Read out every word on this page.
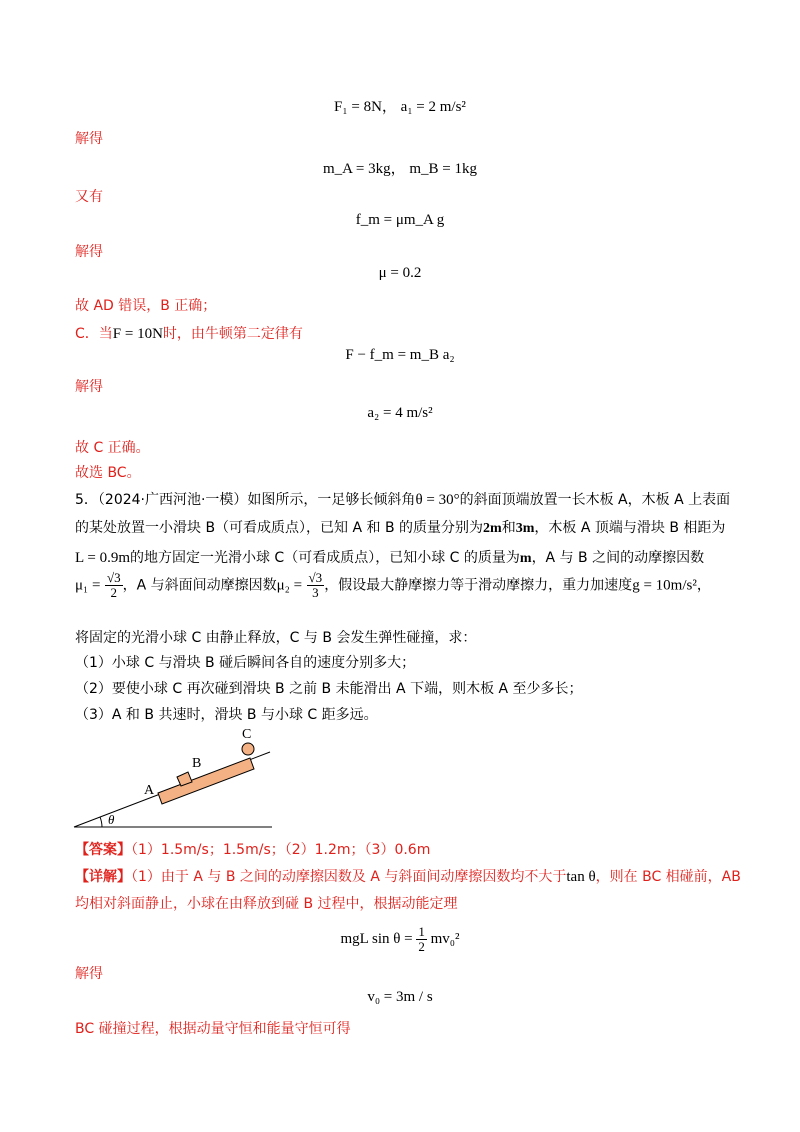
F₁ = 8N， a₁ = 2 m/s²
解得
m_A = 3kg， m_B = 1kg
又有
f_m = μm_A g
解得
μ = 0.2
故 AD 错误，B 正确；
C．当F = 10N时，由牛顿第二定律有
F − f_m = m_B a₂
解得
a₂ = 4 m/s²
故 C 正确。
故选 BC。
5．（2024·广西河池·一模）如图所示，一足够长倾斜角θ = 30°的斜面顶端放置一长木板 A，木板 A 上表面
的某处放置一小滑块 B（可看成质点），已知 A 和 B 的质量分别为2m和3m，木板 A 顶端与滑块 B 相距为
L = 0.9m的地方固定一光滑小球 C（可看成质点），已知小球 C 的质量为m，A 与 B 之间的动摩擦因数
$\mu_1 = \frac{√3}{2}$ ，A 与斜面间动摩擦因数$\mu_2 = \frac{√3}{3}$ ，假设最大静摩擦力等于滑动摩擦力，重力加速度g = 10m/s²，
将固定的光滑小球 C 由静止释放，C 与 B 会发生弹性碰撞，求：
（1）小球 C 与滑块 B 碰后瞬间各自的速度分别多大；
（2）要使小球 C 再次碰到滑块 B 之前 B 未能滑出 A 下端，则木板 A 至少多长；
（3）A 和 B 共速时，滑块 B 与小球 C 距多远。
A
B
C
θ
【答案】（1）1.5m/s；1.5m/s；（2）1.2m；（3）0.6m
【详解】（1）由于 A 与 B 之间的动摩擦因数及 A 与斜面间动摩擦因数均不大于tan θ，则在 BC 相碰前，AB
均相对斜面静止，小球在由释放到碰 B 过程中，根据动能定理
mgL $\sin \theta = \frac{1}{2} mv_0^2$
解得
v₀ = 3m / s
BC 碰撞过程，根据动量守恒和能量守恒可得
